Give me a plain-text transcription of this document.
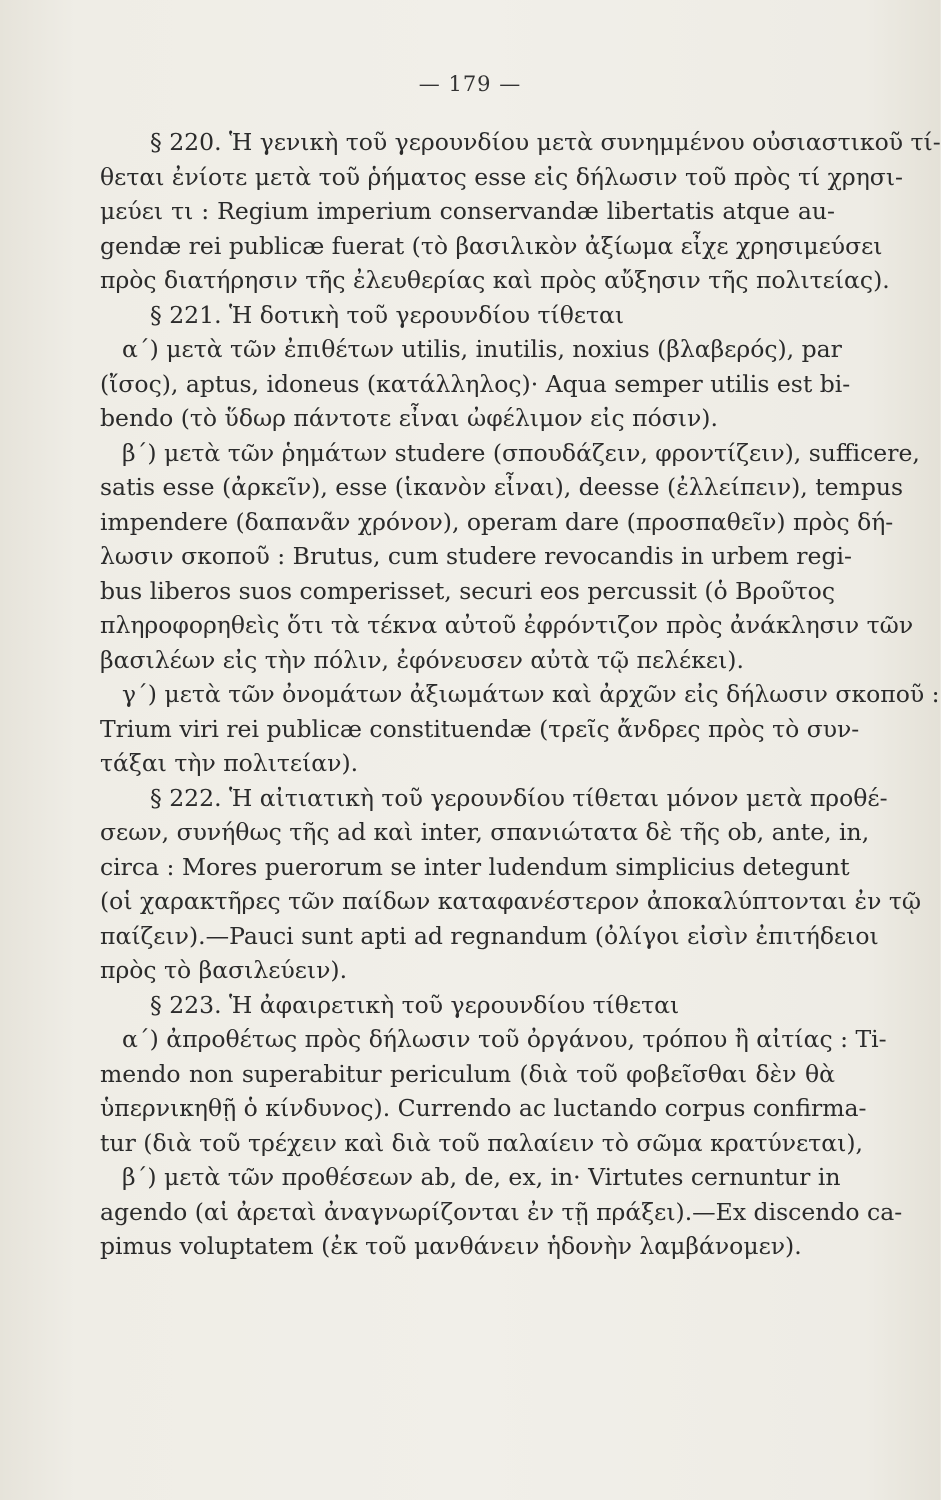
— 179 —
§ 220. Ἡ γενικὴ τοῦ γερουνδίου μετὰ συνημμένου οὐσιαστικοῦ τί-
θεται ἐνίοτε μετὰ τοῦ ῥήματος esse εἰς δήλωσιν τοῦ πρὸς τί χρησι-
μεύει τι : Regium imperium conservandæ libertatis atque au-
gendæ rei publicæ fuerat (τὸ βασιλικὸν ἀξίωμα εἶχε χρησιμεύσει
πρὸς διατήρησιν τῆς ἐλευθερίας καὶ πρὸς αὔξησιν τῆς πολιτείας).
§ 221. Ἡ δοτικὴ τοῦ γερουνδίου τίθεται
α´) μετὰ τῶν ἐπιθέτων utilis, inutilis, noxius (βλαβερός), par
(ἴσος), aptus, idoneus (κατάλληλος)· Aqua semper utilis est bi-
bendo (τὸ ὕδωρ πάντοτε εἶναι ὠφέλιμον εἰς πόσιν).
β´) μετὰ τῶν ῥημάτων studere (σπουδάζειν, φροντίζειν), sufficere,
satis esse (ἀρκεῖν), esse (ἱκανὸν εἶναι), deesse (ἐλλείπειν), tempus
impendere (δαπανᾶν χρόνον), operam dare (προσπαθεῖν) πρὸς δή-
λωσιν σκοποῦ : Brutus, cum studere revocandis in urbem regi-
bus liberos suos comperisset, securi eos percussit (ὁ Βροῦτος
πληροφορηθεὶς ὅτι τὰ τέκνα αὐτοῦ ἐφρόντιζον πρὸς ἀνάκλησιν τῶν
βασιλέων εἰς τὴν πόλιν, ἐφόνευσεν αὐτὰ τῷ πελέκει).
γ´) μετὰ τῶν ὀνομάτων ἀξιωμάτων καὶ ἀρχῶν εἰς δήλωσιν σκοποῦ :
Trium viri rei publicæ constituendæ (τρεῖς ἄνδρες πρὸς τὸ συν-
τάξαι τὴν πολιτείαν).
§ 222. Ἡ αἰτιατικὴ τοῦ γερουνδίου τίθεται μόνον μετὰ προθέ-
σεων, συνήθως τῆς ad καὶ inter, σπανιώτατα δὲ τῆς ob, ante, in,
circa : Mores puerorum se inter ludendum simplicius detegunt
(οἱ χαρακτῆρες τῶν παίδων καταφανέστερον ἀποκαλύπτονται ἐν τῷ
παίζειν).—Pauci sunt apti ad regnandum (ὀλίγοι εἰσὶν ἐπιτήδειοι
πρὸς τὸ βασιλεύειν).
§ 223. Ἡ ἀφαιρετικὴ τοῦ γερουνδίου τίθεται
α´) ἀπροθέτως πρὸς δήλωσιν τοῦ ὀργάνου, τρόπου ἢ αἰτίας : Ti-
mendo non superabitur periculum (διὰ τοῦ φοβεῖσθαι δὲν θὰ
ὑπερνικηθῇ ὁ κίνδυνος). Currendo ac luctando corpus confirma-
tur (διὰ τοῦ τρέχειν καὶ διὰ τοῦ παλαίειν τὸ σῶμα κρατύνεται),
β´) μετὰ τῶν προθέσεων ab, de, ex, in· Virtutes cernuntur in
agendo (αἱ ἀρεταὶ ἀναγνωρίζονται ἐν τῇ πράξει).—Ex discendo ca-
pimus voluptatem (ἐκ τοῦ μανθάνειν ἡδονὴν λαμβάνομεν).
